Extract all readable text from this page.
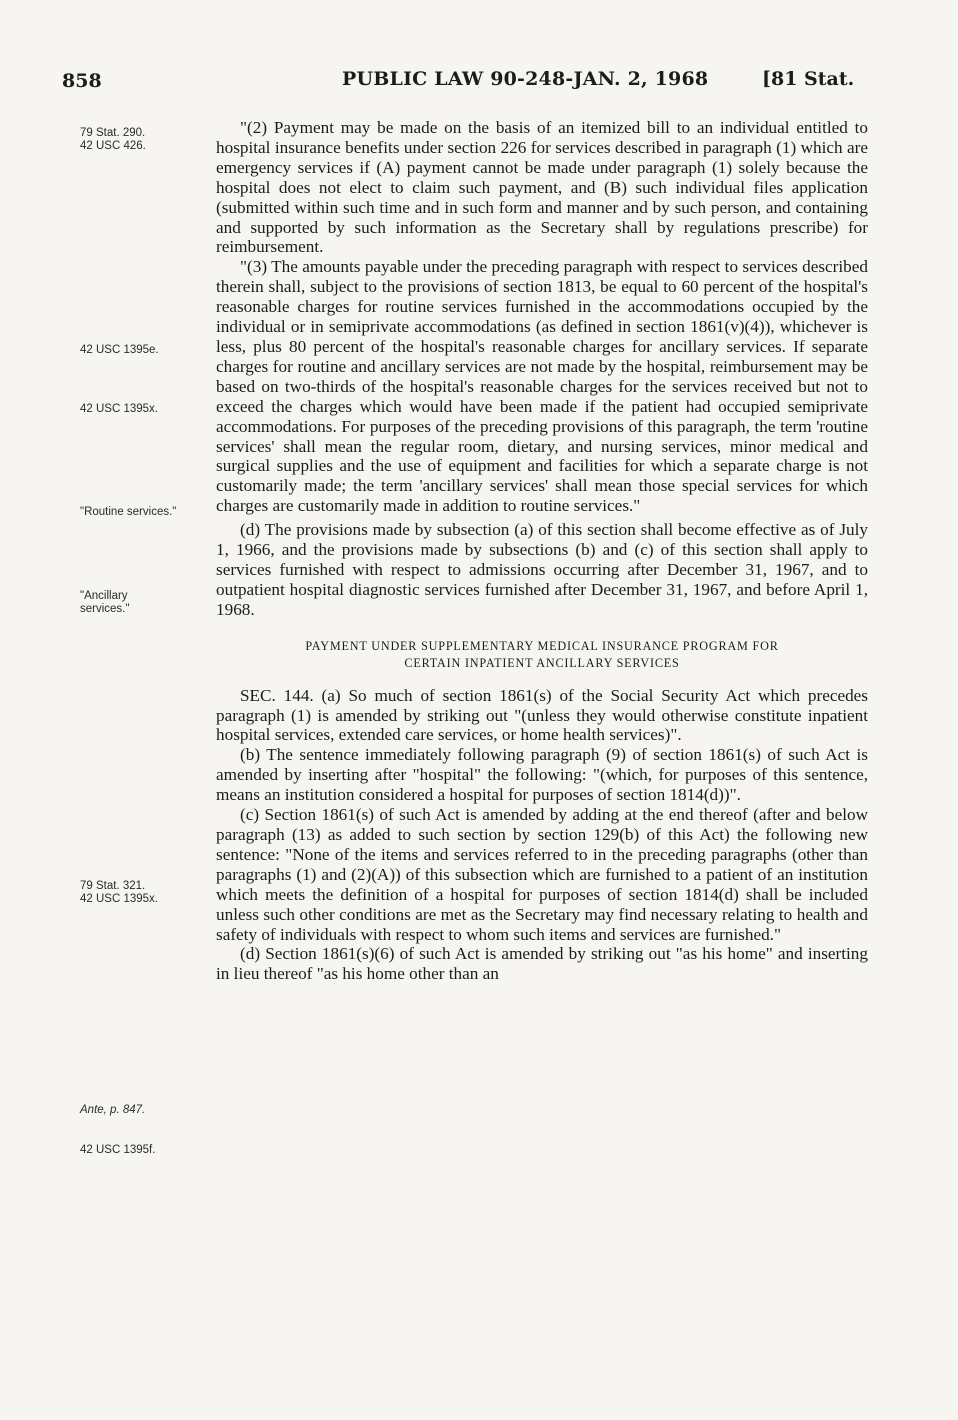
858	PUBLIC LAW 90-248-JAN. 2, 1968	[81 Stat.

79 Stat. 290.

42 USC 426.

42 USC 1395e.

42 USC 1395x.

"Routine services."

"Ancillary services."

79 Stat. 321.

42 USC 1395x.

Ante, p. 847.

42 USC 1395f.

"(2) Payment may be made on the basis of an itemized bill to an individual entitled to hospital insurance benefits under section 226 for services described in paragraph (1) which are emergency services if (A) payment cannot be made under paragraph (1) solely because the hospital does not elect to claim such payment, and (B) such individual files application (submitted within such time and in such form and manner and by such person, and containing and supported by such information as the Secretary shall by regulations prescribe) for reimbursement.

"(3) The amounts payable under the preceding paragraph with respect to services described therein shall, subject to the provisions of section 1813, be equal to 60 percent of the hospital's reasonable charges for routine services furnished in the accommodations occupied by the individual or in semiprivate accommodations (as defined in section 1861(v)(4)), whichever is less, plus 80 percent of the hospital's reasonable charges for ancillary services. If separate charges for routine and ancillary services are not made by the hospital, reimbursement may be based on two-thirds of the hospital's reasonable charges for the services received but not to exceed the charges which would have been made if the patient had occupied semiprivate accommodations. For purposes of the preceding provisions of this paragraph, the term 'routine services' shall mean the regular room, dietary, and nursing services, minor medical and surgical supplies and the use of equipment and facilities for which a separate charge is not customarily made; the term 'ancillary services' shall mean those special services for which charges are customarily made in addition to routine services."

(d) The provisions made by subsection (a) of this section shall become effective as of July 1, 1966, and the provisions made by subsections (b) and (c) of this section shall apply to services furnished with respect to admissions occurring after December 31, 1967, and to outpatient hospital diagnostic services furnished after December 31, 1967, and before April 1, 1968.

PAYMENT UNDER SUPPLEMENTARY MEDICAL INSURANCE PROGRAM FOR
CERTAIN INPATIENT ANCILLARY SERVICES

SEC. 144. (a) So much of section 1861(s) of the Social Security Act which precedes paragraph (1) is amended by striking out "(unless they would otherwise constitute inpatient hospital services, extended care services, or home health services)".

(b) The sentence immediately following paragraph (9) of section 1861(s) of such Act is amended by inserting after "hospital" the following: "(which, for purposes of this sentence, means an institution considered a hospital for purposes of section 1814(d))".

(c) Section 1861(s) of such Act is amended by adding at the end thereof (after and below paragraph (13) as added to such section by section 129(b) of this Act) the following new sentence: "None of the items and services referred to in the preceding paragraphs (other than paragraphs (1) and (2)(A)) of this subsection which are furnished to a patient of an institution which meets the definition of a hospital for purposes of section 1814(d) shall be included unless such other conditions are met as the Secretary may find necessary relating to health and safety of individuals with respect to whom such items and services are furnished."

(d) Section 1861(s)(6) of such Act is amended by striking out "as his home" and inserting in lieu thereof "as his home other than an
